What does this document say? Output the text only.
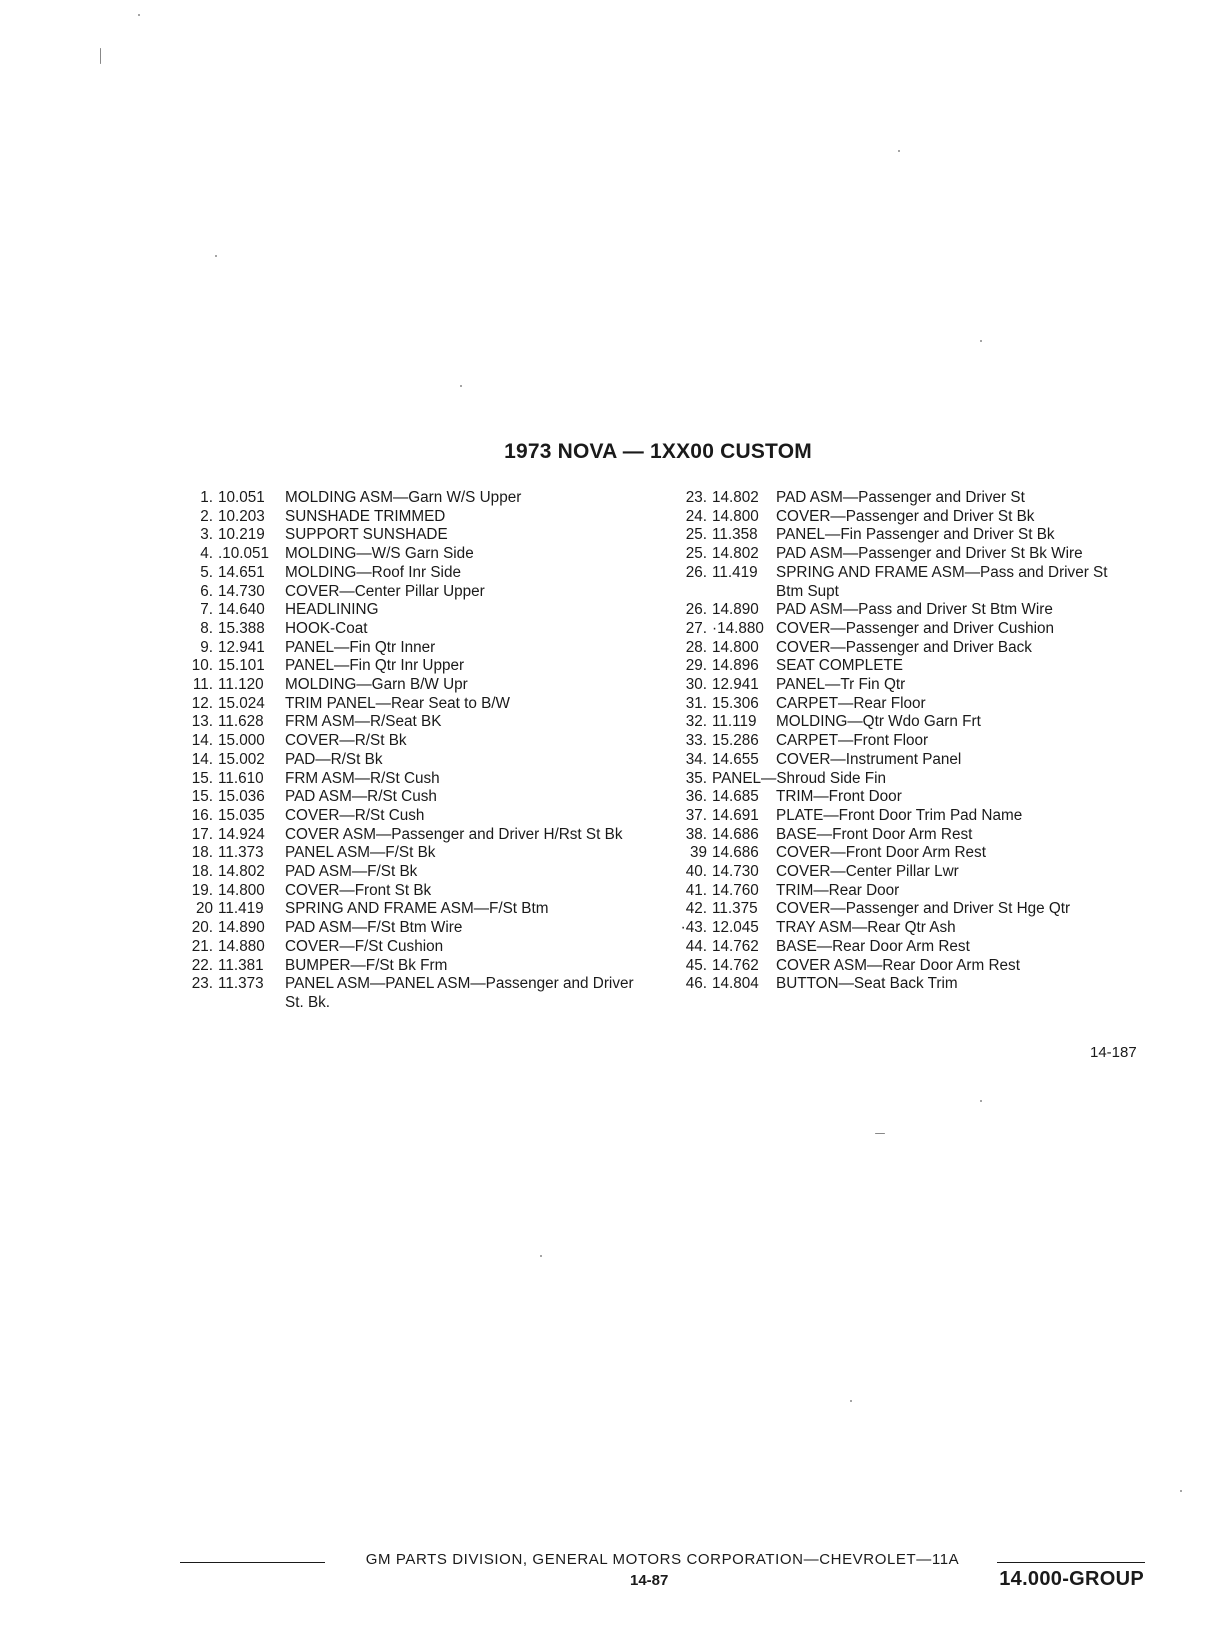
1973 NOVA — 1XX00 CUSTOM
1. 10.051	MOLDING ASM—Garn W/S Upper
2. 10.203	SUNSHADE TRIMMED
3. 10.219	SUPPORT SUNSHADE
4. .10.051	MOLDING—W/S Garn Side
5. 14.651	MOLDING—Roof Inr Side
6. 14.730	COVER—Center Pillar Upper
7. 14.640	HEADLINING
8. 15.388	HOOK-Coat
9. 12.941	PANEL—Fin Qtr Inner
10. 15.101	PANEL—Fin Qtr Inr Upper
11. 11.120	MOLDING—Garn B/W Upr
12. 15.024	TRIM PANEL—Rear Seat to B/W
13. 11.628	FRM ASM—R/Seat BK
14. 15.000	COVER—R/St Bk
14. 15.002	PAD—R/St Bk
15. 11.610	FRM ASM—R/St Cush
15. 15.036	PAD ASM—R/St Cush
16. 15.035	COVER—R/St Cush
17. 14.924	COVER ASM—Passenger and Driver H/Rst St Bk
18. 11.373	PANEL ASM—F/St Bk
18. 14.802	PAD ASM—F/St Bk
19. 14.800	COVER—Front St Bk
20 11.419	SPRING AND FRAME ASM—F/St Btm
20. 14.890	PAD ASM—F/St Btm Wire
21. 14.880	COVER—F/St Cushion
22. 11.381	BUMPER—F/St Bk Frm
23. 11.373	PANEL ASM—PANEL ASM—Passenger and Driver St. Bk.
23. 14.802	PAD ASM—Passenger and Driver St
24. 14.800	COVER—Passenger and Driver St Bk
25. 11.358	PANEL—Fin Passenger and Driver St Bk
25. 14.802	PAD ASM—Passenger and Driver St Bk Wire
26. 11.419	SPRING AND FRAME ASM—Pass and Driver St Btm Supt
26. 14.890	PAD ASM—Pass and Driver St Btm Wire
27. ·14.880 COVER—Passenger and Driver Cushion
28. 14.800	COVER—Passenger and Driver Back
29. 14.896	SEAT COMPLETE
30. 12.941	PANEL—Tr Fin Qtr
31. 15.306	CARPET—Rear Floor
32. 11.119	MOLDING—Qtr Wdo Garn Frt
33. 15.286	CARPET—Front Floor
34. 14.655	COVER—Instrument Panel
35. PANEL—Shroud Side Fin
36. 14.685	TRIM—Front Door
37. 14.691	PLATE—Front Door Trim Pad Name
38. 14.686	BASE—Front Door Arm Rest
39 14.686	COVER—Front Door Arm Rest
40. 14.730	COVER—Center Pillar Lwr
41. 14.760	TRIM—Rear Door
42. 11.375	COVER—Passenger and Driver St Hge Qtr
·43. 12.045	TRAY ASM—Rear Qtr Ash
44. 14.762	BASE—Rear Door Arm Rest
45. 14.762	COVER ASM—Rear Door Arm Rest
46. 14.804	BUTTON—Seat Back Trim
14-187
GM PARTS DIVISION, GENERAL MOTORS CORPORATION—CHEVROLET—11A
14-87	14.000-GROUP
